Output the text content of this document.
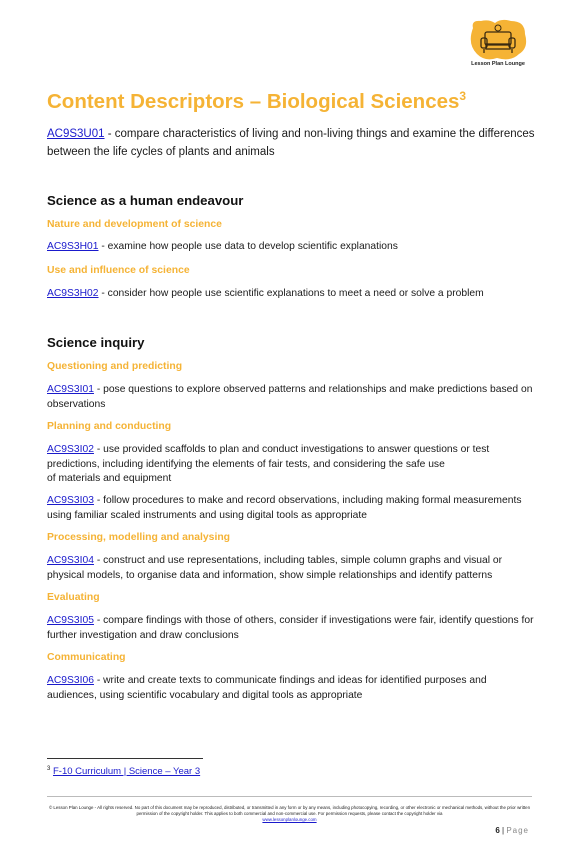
Lesson Plan Lounge
Content Descriptors – Biological Sciences$^3$
AC9S3U01 - compare characteristics of living and non-living things and examine the differences between the life cycles of plants and animals
Science as a human endeavour
Nature and development of science
AC9S3H01 - examine how people use data to develop scientific explanations
Use and influence of science
AC9S3H02 - consider how people use scientific explanations to meet a need or solve a problem
Science inquiry
Questioning and predicting
AC9S3I01 - pose questions to explore observed patterns and relationships and make predictions based on observations
Planning and conducting
AC9S3I02 - use provided scaffolds to plan and conduct investigations to answer questions or test predictions, including identifying the elements of fair tests, and considering the safe use
of materials and equipment
AC9S3I03 - follow procedures to make and record observations, including making formal measurements using familiar scaled instruments and using digital tools as appropriate
Processing, modelling and analysing
AC9S3I04 - construct and use representations, including tables, simple column graphs and visual or physical models, to organise data and information, show simple relationships and identify patterns
Evaluating
AC9S3I05 - compare findings with those of others, consider if investigations were fair, identify questions for further investigation and draw conclusions
Communicating
AC9S3I06 - write and create texts to communicate findings and ideas for identified purposes and audiences, using scientific vocabulary and digital tools as appropriate
$^3$ F-10 Curriculum | Science – Year 3
© Lesson Plan Lounge - All rights reserved. No part of this document may be reproduced, distributed, or transmitted in any form or by any means, including photocopying, recording, or other electronic or mechanical methods, without the prior written permission of the copyright holder. This applies to both commercial and non-commercial use. For permission requests, please contact the copyright holder via
www.lessonplanlounge.com
6 | Page
